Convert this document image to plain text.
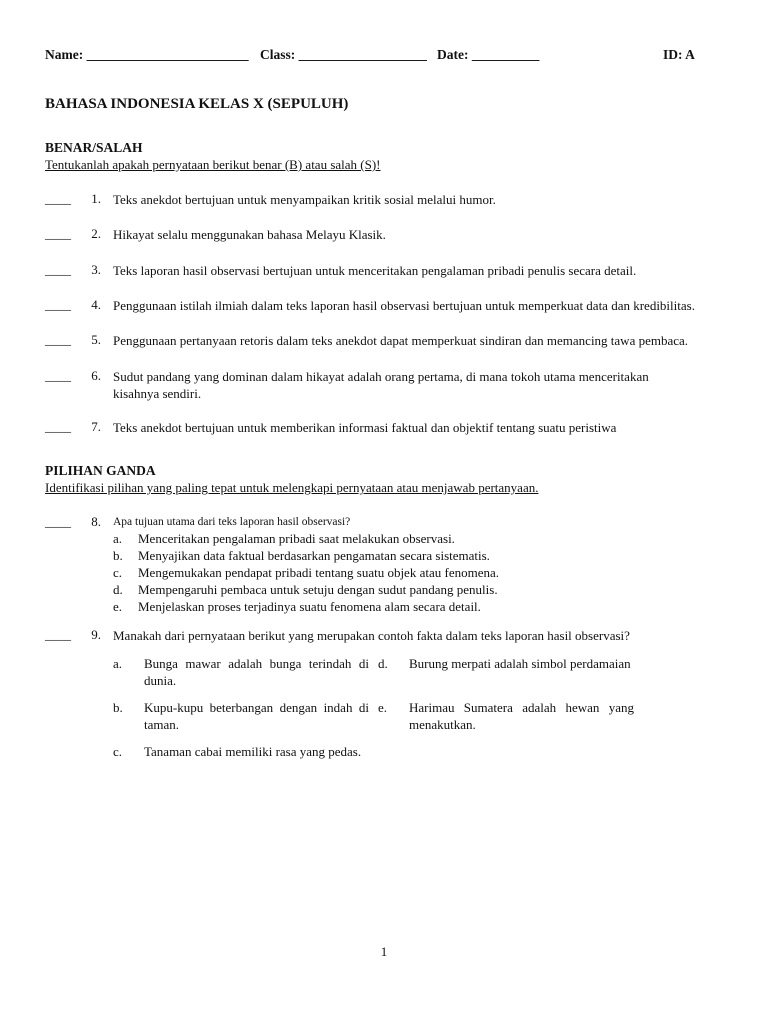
Name: ________________________ Class: ___________________ Date: __________	ID: A
BAHASA INDONESIA KELAS X (SEPULUH)
BENAR/SALAH
Tentukanlah apakah pernyataan berikut benar (B) atau salah (S)!
____	1. Teks anekdot bertujuan untuk menyampaikan kritik sosial melalui humor.
____	2. Hikayat selalu menggunakan bahasa Melayu Klasik.
____	3. Teks laporan hasil observasi bertujuan untuk menceritakan pengalaman pribadi penulis secara detail.
____	4. Penggunaan istilah ilmiah dalam teks laporan hasil observasi bertujuan untuk memperkuat data dan kredibilitas.
____	5. Penggunaan pertanyaan retoris dalam teks anekdot dapat memperkuat sindiran dan memancing tawa pembaca.
____	6. Sudut pandang yang dominan dalam hikayat adalah orang pertama, di mana tokoh utama menceritakan kisahnya sendiri.
____	7. Teks anekdot bertujuan untuk memberikan informasi faktual dan objektif tentang suatu peristiwa
PILIHAN GANDA
Identifikasi pilihan yang paling tepat untuk melengkapi pernyataan atau menjawab pertanyaan.
____	8. Apa tujuan utama dari teks laporan hasil observasi?
a. Menceritakan pengalaman pribadi saat melakukan observasi.
b. Menyajikan data faktual berdasarkan pengamatan secara sistematis.
c. Mengemukakan pendapat pribadi tentang suatu objek atau fenomena.
d. Mempengaruhi pembaca untuk setuju dengan sudut pandang penulis.
e. Menjelaskan proses terjadinya suatu fenomena alam secara detail.
____	9. Manakah dari pernyataan berikut yang merupakan contoh fakta dalam teks laporan hasil observasi?
a. Bunga mawar adalah bunga terindah di dunia.
b. Kupu-kupu beterbangan dengan indah di taman.
c. Tanaman cabai memiliki rasa yang pedas.
d. Burung merpati adalah simbol perdamaian
e. Harimau Sumatera adalah hewan yang menakutkan.
1
